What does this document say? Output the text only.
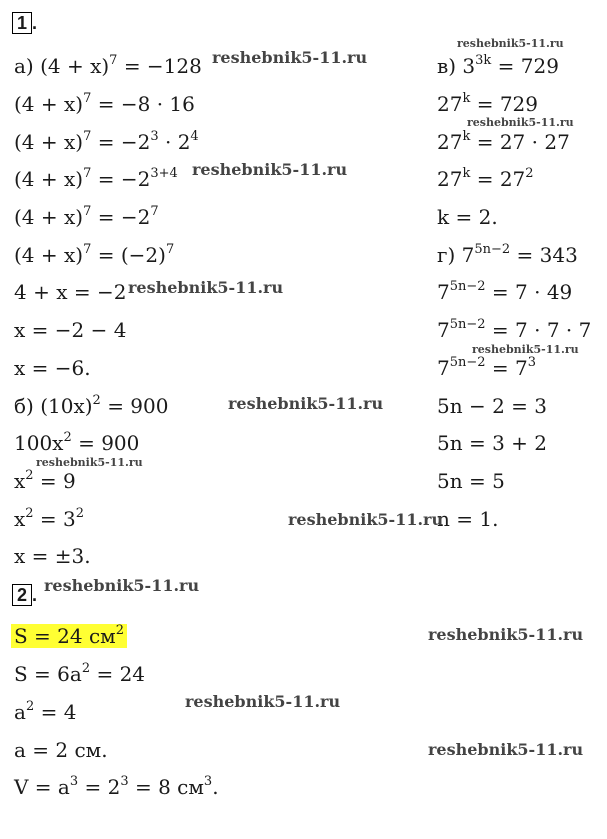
1 .
а) $(4 + x)^7 = -128$
$(4 + x)^7 = -8 \cdot 16$
$(4 + x)^7 = -2^3 \cdot 2^4$
$(4 + x)^7 = -2^{3+4}$
$(4 + x)^7 = -2^7$
$(4 + x)^7 = (-2)^7$
4 + x = −2
x = −2 − 4
x = −6.
б) $(10x)^2 = 900$
$100x^2 = 900$
$x^2 = 9$
$x^2 = 3^2$
x = ±3.
в) $3^{3k} = 729$
$27^k = 729$
$27^k = 27 \cdot 27$
$27^k = 27^2$
k = 2.
г) $7^{5n-2} = 343$
$7^{5n-2} = 7 \cdot 49$
$7^{5n-2} = 7 \cdot 7 \cdot 7$
$7^{5n-2} = 7^3$
5n − 2 = 3
5n = 3 + 2
5n = 5
n = 1.
2 .
S = 24 $см^2$
$S = 6a^2 = 24$
$a^2 = 4$
a = 2 см.
$V = a^3 = 2^3 = 8$ $см^3$.
reshebnik5-11.ru
reshebnik5-11.ru
reshebnik5-11.ru
reshebnik5-11.ru
reshebnik5-11.ru
reshebnik5-11.ru
reshebnik5-11.ru
reshebnik5-11.ru
reshebnik5-11.ru
reshebnik5-11.ru
reshebnik5-11.ru
reshebnik5-11.ru
reshebnik5-11.ru
